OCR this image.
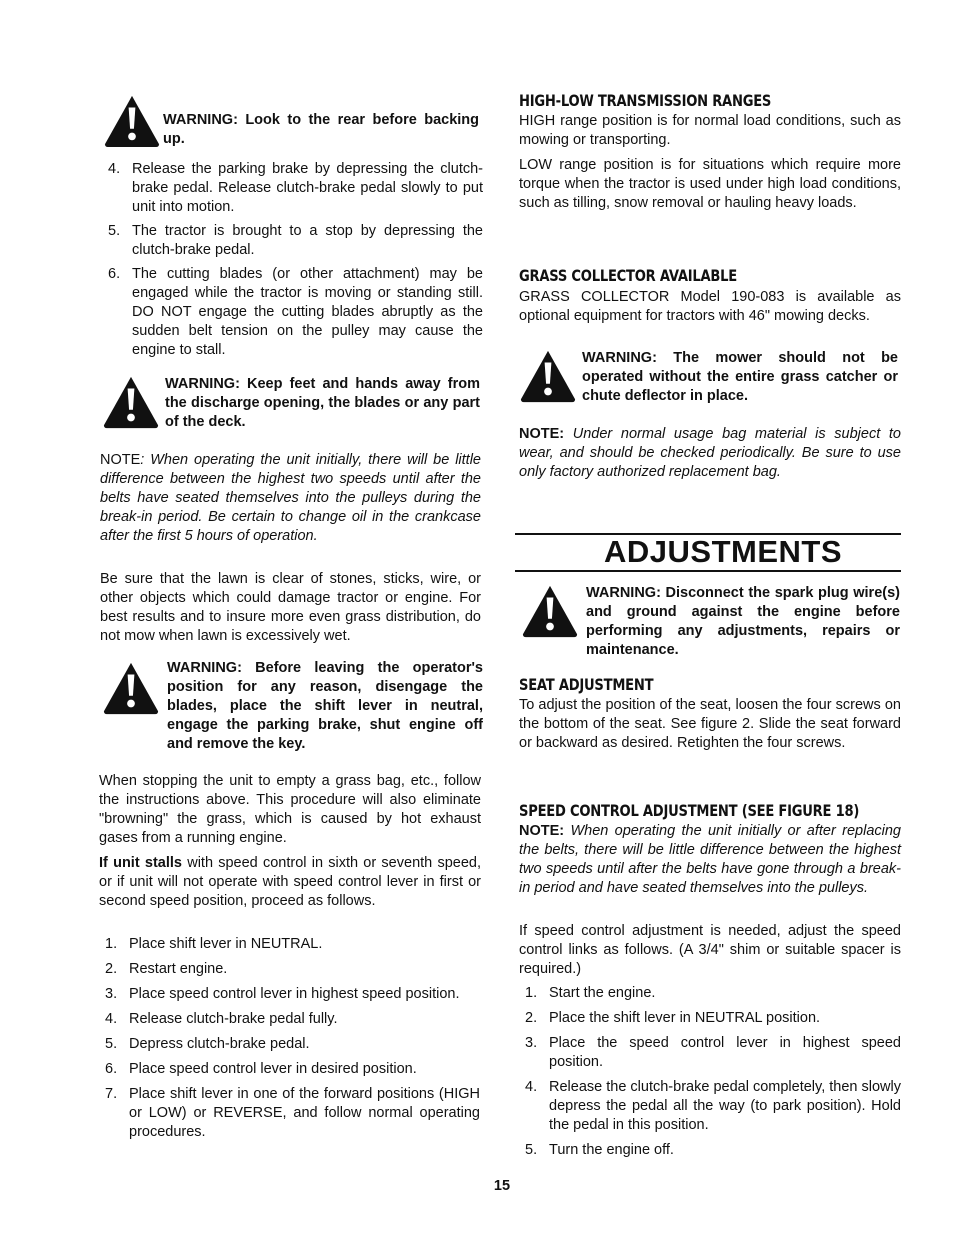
WARNING: Look to the rear before backing up.
4. Release the parking brake by depressing the clutch-brake pedal. Release clutch-brake pedal slowly to put unit into motion.
5. The tractor is brought to a stop by depressing the clutch-brake pedal.
6. The cutting blades (or other attachment) may be engaged while the tractor is moving or standing still. DO NOT engage the cutting blades abruptly as the sudden belt tension on the pulley may cause the engine to stall.
WARNING: Keep feet and hands away from the discharge opening, the blades or any part of the deck.

NOTE: When operating the unit initially, there will be little difference between the highest two speeds until after the belts have seated themselves into the pulleys during the break-in period. Be certain to change oil in the crankcase after the first 5 hours of operation.

Be sure that the lawn is clear of stones, sticks, wire, or other objects which could damage tractor or engine. For best results and to insure more even grass distribution, do not mow when lawn is excessively wet.

WARNING: Before leaving the operator's position for any reason, disengage the blades, place the shift lever in neutral, engage the parking brake, shut engine off and remove the key.

When stopping the unit to empty a grass bag, etc., follow the instructions above. This procedure will also eliminate "browning" the grass, which is caused by hot exhaust gases from a running engine.

If unit stalls with speed control in sixth or seventh speed, or if unit will not operate with speed control lever in first or second speed position, proceed as follows.

1. Place shift lever in NEUTRAL.
2. Restart engine.
3. Place speed control lever in highest speed position.
4. Release clutch-brake pedal fully.
5. Depress clutch-brake pedal.
6. Place speed control lever in desired position.
7. Place shift lever in one of the forward positions (HIGH or LOW) or REVERSE, and follow normal operating procedures.
HIGH-LOW TRANSMISSION RANGES

HIGH range position is for normal load conditions, such as mowing or transporting.

LOW range position is for situations which require more torque when the tractor is used under high load conditions, such as tilling, snow removal or hauling heavy loads.

GRASS COLLECTOR AVAILABLE

GRASS COLLECTOR Model 190-083 is available as optional equipment for tractors with 46" mowing decks.

WARNING: The mower should not be operated without the entire grass catcher or chute deflector in place.

NOTE: Under normal usage bag material is subject to wear, and should be checked periodically. Be sure to use only factory authorized replacement bag.

ADJUSTMENTS
WARNING: Disconnect the spark plug wire(s) and ground against the engine before performing any adjustments, repairs or maintenance.
SEAT ADJUSTMENT

To adjust the position of the seat, loosen the four screws on the bottom of the seat. See figure 2. Slide the seat forward or backward as desired. Retighten the four screws.

SPEED CONTROL ADJUSTMENT (SEE FIGURE 18)

NOTE: When operating the unit initially or after replacing the belts, there will be little difference between the highest two speeds until after the belts have gone through a break-in period and have seated themselves into the pulleys.

If speed control adjustment is needed, adjust the speed control links as follows. (A 3/4" shim or suitable spacer is required.)

1. Start the engine.
2. Place the shift lever in NEUTRAL position.
3. Place the speed control lever in highest speed position.
4. Release the clutch-brake pedal completely, then slowly depress the pedal all the way (to park position). Hold the pedal in this position.
5. Turn the engine off.
15
